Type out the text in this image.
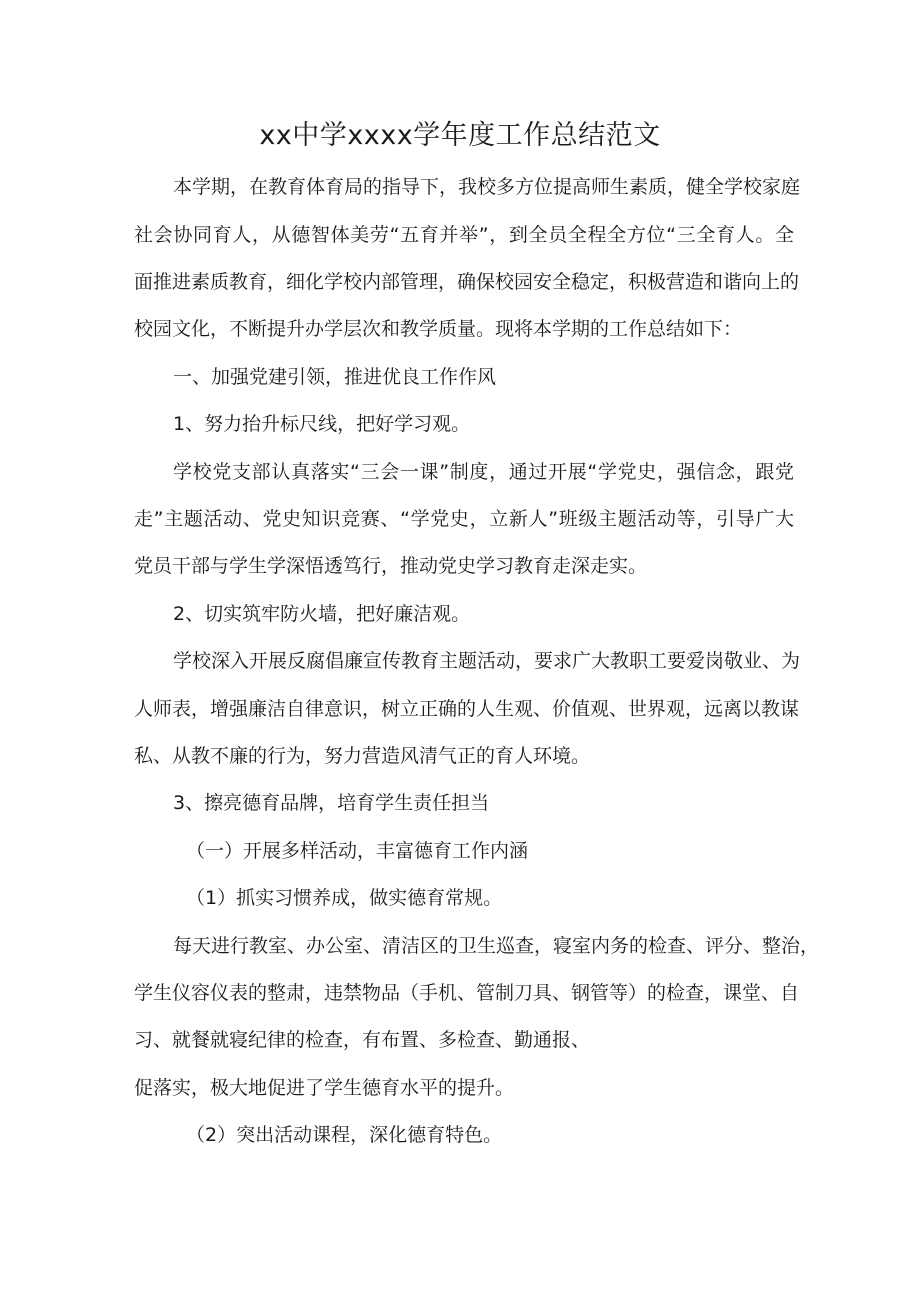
xx中学xxxx学年度工作总结范文
本学期，在教育体育局的指导下，我校多方位提高师生素质，健全学校家庭
社会协同育人，从德智体美劳“五育并举”，到全员全程全方位“三全育人。全
面推进素质教育，细化学校内部管理，确保校园安全稳定，积极营造和谐向上的
校园文化，不断提升办学层次和教学质量。现将本学期的工作总结如下：
一、加强党建引领，推进优良工作作风
1、努力抬升标尺线，把好学习观。
学校党支部认真落实“三会一课”制度，通过开展“学党史，强信念，跟党
走”主题活动、党史知识竞赛、“学党史，立新人”班级主题活动等，引导广大
党员干部与学生学深悟透笃行，推动党史学习教育走深走实。
2、切实筑牢防火墙，把好廉洁观。
学校深入开展反腐倡廉宣传教育主题活动，要求广大教职工要爱岗敬业、为
人师表，增强廉洁自律意识，树立正确的人生观、价值观、世界观，远离以教谋
私、从教不廉的行为，努力营造风清气正的育人环境。
3、擦亮德育品牌，培育学生责任担当
（一）开展多样活动，丰富德育工作内涵
（1）抓实习惯养成，做实德育常规。
每天进行教室、办公室、清洁区的卫生巡查，寝室内务的检查、评分、整治，
学生仪容仪表的整肃，违禁物品（手机、管制刀具、钢管等）的检查，课堂、自
习、就餐就寝纪律的检查，有布置、多检查、勤通报、
促落实，极大地促进了学生德育水平的提升。
（2）突出活动课程，深化德育特色。
